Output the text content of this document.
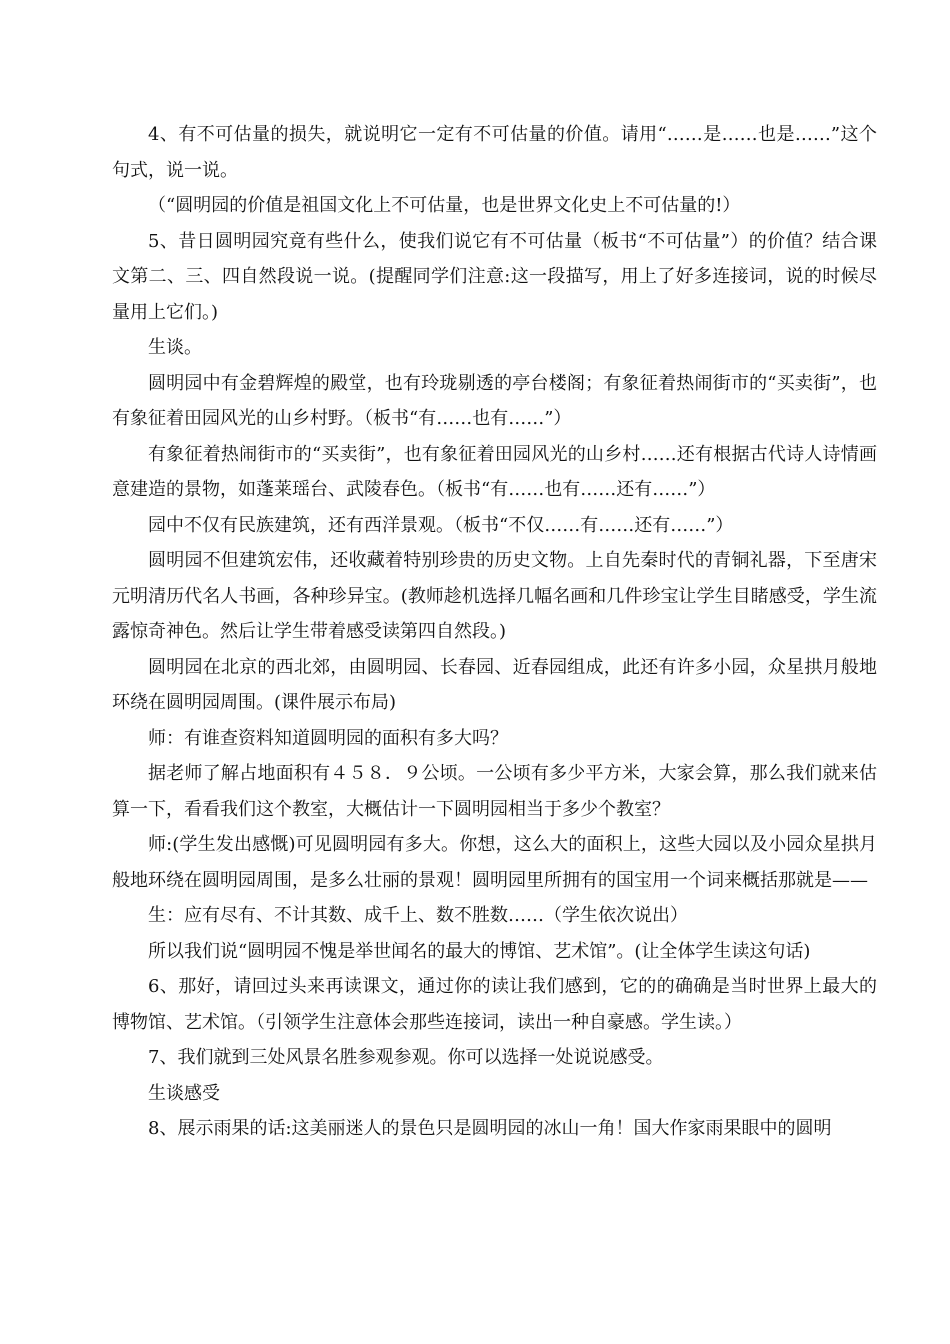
4、有不可估量的损失，就说明它一定有不可估量的价值。请用“……是……也是……”这个句式，说一说。

（“圆明园的价值是祖国文化上不可估量，也是世界文化史上不可估量的!）

5、昔日圆明园究竟有些什么，使我们说它有不可估量（板书“不可估量”）的价值？结合课文第二、三、四自然段说一说。(提醒同学们注意:这一段描写，用上了好多连接词，说的时候尽量用上它们。)

生谈。

圆明园中有金碧辉煌的殿堂，也有玲珑剔透的亭台楼阁；有象征着热闹街市的“买卖街”，也有象征着田园风光的山乡村野。（板书“有……也有……”）

有象征着热闹街市的“买卖街”，也有象征着田园风光的山乡村……还有根据古代诗人诗情画意建造的景物，如蓬莱瑶台、武陵春色。（板书“有……也有……还有……”）

园中不仅有民族建筑，还有西洋景观。（板书“不仅……有……还有……”）

圆明园不但建筑宏伟，还收藏着特别珍贵的历史文物。上自先秦时代的青铜礼器，下至唐宋元明清历代名人书画，各种珍异宝。(教师趁机选择几幅名画和几件珍宝让学生目睹感受，学生流露惊奇神色。然后让学生带着感受读第四自然段。)

圆明园在北京的西北郊，由圆明园、长春园、近春园组成，此还有许多小园，众星拱月般地环绕在圆明园周围。(课件展示布局)

师：有谁查资料知道圆明园的面积有多大吗？

据老师了解占地面积有４５８．９公顷。一公顷有多少平方米，大家会算，那么我们就来估算一下，看看我们这个教室，大概估计一下圆明园相当于多少个教室？

师:(学生发出感慨)可见圆明园有多大。你想，这么大的面积上，这些大园以及小园众星拱月般地环绕在圆明园周围，是多么壮丽的景观！圆明园里所拥有的国宝用一个词来概括那就是——

生：应有尽有、不计其数、成千上、数不胜数……（学生依次说出）

所以我们说“圆明园不愧是举世闻名的最大的博馆、艺术馆”。(让全体学生读这句话)

6、那好，请回过头来再读课文，通过你的读让我们感到，它的的确确是当时世界上最大的博物馆、艺术馆。（引领学生注意体会那些连接词，读出一种自豪感。学生读。）

7、我们就到三处风景名胜参观参观。你可以选择一处说说感受。

生谈感受

8、展示雨果的话:这美丽迷人的景色只是圆明园的冰山一角！国大作家雨果眼中的圆明
